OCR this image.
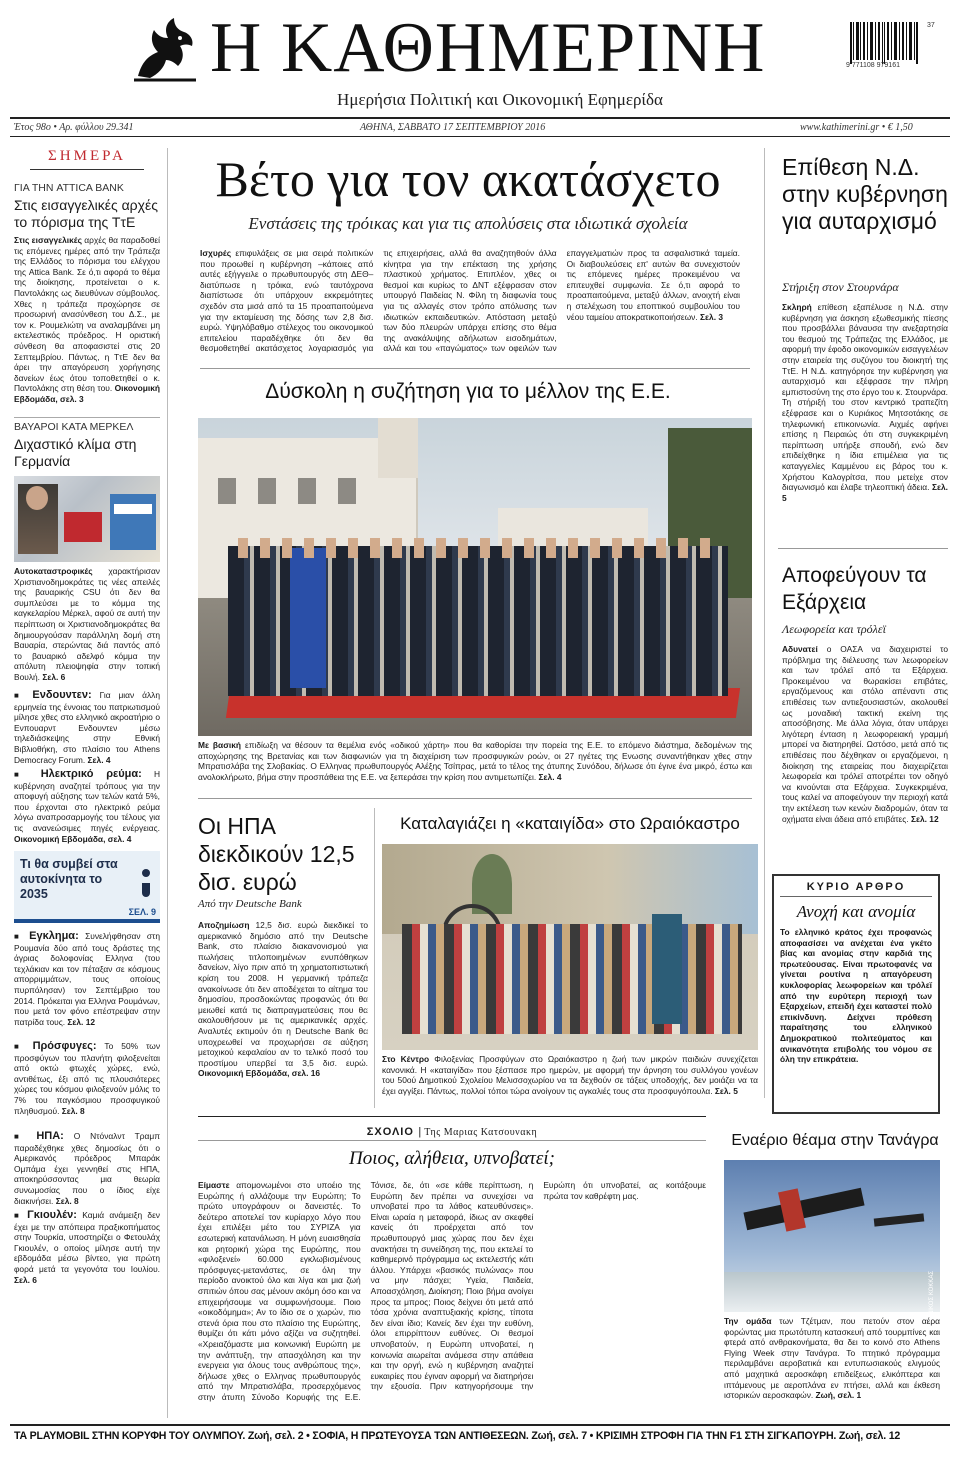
Η ΚΑΘΗΜΕΡΙΝΗ
Ημερήσια Πολιτική και Οικονομική Εφημερίδα
9 771108 979161
37
Έτος 98ο • Αρ. φύλλου 29.341	ΑΘΗΝΑ, ΣΑΒΒΑΤΟ 17 ΣΕΠΤΕΜΒΡΙΟΥ 2016	www.kathimerini.gr • € 1,50
ΣΗΜΕΡΑ
ΓΙΑ ΤΗΝ ATTICA BANK
Στις εισαγγελικές αρχές το πόρισμα της ΤτΕ
Στις εισαγγελικές αρχές θα παραδοθεί τις επόμενες ημέρες από την Τράπεζα της Ελλάδος το πόρισμα του ελέγχου της Attica Bank. Σε ό,τι αφορά το θέμα της διοίκησης, προτείνεται ο κ. Παντολάκης ως διευθύνων σύμβουλος. Χθες η τράπεζα προχώρησε σε προσωρινή ανασύνθεση του Δ.Σ., με τον κ. Ρουμελιώτη να αναλαμβάνει μη εκτελεστικός πρόεδρος. Η οριστική σύνθεση θα αποφασιστεί στις 20 Σεπτεμβρίου. Πάντως, η ΤτΕ δεν θα άρει την απαγόρευση χορήγησης δανείων έως ότου τοποθετηθεί ο κ. Παντολάκης στη θέση του. Οικονομική Εβδομάδα, σελ. 3
ΒΑΥΑΡΟΙ ΚΑΤΑ ΜΕΡΚΕΛ
Διχαστικό κλίμα στη Γερμανία
Αυτοκαταστροφικές χαρακτήρισαν Χριστιανοδημοκράτες τις νέες απειλές της βαυαρικής CSU ότι δεν θα συμπλεύσει με το κόμμα της καγκελαρίου Μέρκελ, αφού σε αυτή την περίπτωση οι Χριστιανοδημοκράτες θα δημιουργούσαν παράλληλη δομή στη Βαυαρία, στερώντας διά παντός από το βαυαρικό αδελφό κόμμα την απόλυτη πλειοψηφία στην τοπική Βουλή. Σελ. 6
■ Ενδουντεν: Για μιαν άλλη ερμηνεία της έννοιας του πατριωτισμού μίλησε χθες στο ελληνικό ακροατήριο ο Ενπουαρντ Ενδουντεν μέσω τηλεδιάσκεψης στην Εθνική Βιβλιοθήκη, στο πλαίσιο του Athens Democracy Forum. Σελ. 4
■ Ηλεκτρικό ρεύμα: Η κυβέρνηση αναζητεί τρόπους για την αποφυγή αύξησης των τελών κατά 5%, που έρχονται στο ηλεκτρικό ρεύμα λόγω αναπροσαρμογής του τέλους για τις ανανεώσιμες πηγές ενέργειας. Οικονομική Εβδομάδα, σελ. 4
Τι θα συμβεί στα αυτοκίνητα το 2035
ΣΕΛ. 9
■ Εγκλημα: Συνελήφθησαν στη Ρουμανία δύο από τους δράστες της άγριας δολοφονίας Ελληνα (του τεχλάκιαν και τον πέταξαν σε κόσμους απορριμμάτων, τους οποίους πυρπόλησαν) τον Σεπτέμβριο του 2014. Πρόκειται για Ελληνα Ρουμάνων, που μετά τον φόνο επέστρεψαν στην πατρίδα τους. Σελ. 12
■ Πρόσφυγες: Το 50% των προσφύγων του πλανήτη φιλοξενείται από οκτώ φτωχές χώρες, ενώ, αντιθέτως, έξι από τις πλουσιότερες χώρες του κόσμου φιλοξενούν μόλις το 7% του παγκόσμιου προσφυγικού πληθυσμού. Σελ. 8
■ ΗΠΑ: Ο Ντόναλντ Τραμπ παραδέχθηκε χθες δημοσίως ότι ο Αμερικανός πρόεδρος Μπαράκ Ομπάμα έχει γεννηθεί στις ΗΠΑ, αποκηρύσσοντας μια θεωρία συνωμοσίας που ο ίδιος είχε διακινήσει. Σελ. 8
■ Γκιουλέν: Καμιά ανάμειξη δεν έχει με την απόπειρα πραξικοπήματος στην Τουρκία, υποστηρίζει ο Φετουλάχ Γκιουλέν, ο οποίος μίλησε αυτή την εβδομάδα μέσω βίντεο, για πρώτη φορά μετά τα γεγονότα του Ιουλίου. Σελ. 6
Βέτο για τον ακατάσχετο
Ενστάσεις της τρόικας και για τις απολύσεις στα ιδιωτικά σχολεία
Ισχυρές επιφυλάξεις σε μια σειρά πολιτικών που προωθεί η κυβέρνηση –κάποιες από αυτές εξήγγειλε ο πρωθυπουργός στη ΔΕΘ– διατύπωσε η τρόικα, ενώ ταυτόχρονα διαπίστωσε ότι υπάρχουν εκκρεμότητες σχεδόν στα μισά από τα 15 προαπαιτούμενα για την εκταμίευση της δόσης των 2,8 δισ. ευρώ. Υψηλόβαθμο στέλεχος του οικονομικού επιτελείου παραδέχθηκε ότι δεν θα θεσμοθετηθεί ακατάσχετος λογαριασμός για τις επιχειρήσεις, αλλά θα αναζητηθούν άλλα κίνητρα για την επέκταση της χρήσης πλαστικού χρήματος. Επιπλέον, χθες οι θεσμοί και κυρίως το ΔΝΤ εξέφρασαν στον υπουργό Παιδείας Ν. Φίλη τη διαφωνία τους για τις αλλαγές στον τρόπο απόλυσης των ιδιωτικών εκπαιδευτικών. Απόσταση μεταξύ των δύο πλευρών υπάρχει επίσης στο θέμα της ανακάλυψης αδήλωτων εισοδημάτων, αλλά και του «παγώματος» των οφειλών των επαγγελματιών προς τα ασφαλιστικά ταμεία. Οι διαβουλεύσεις επ' αυτών θα συνεχιστούν τις επόμενες ημέρες προκειμένου να επιτευχθεί συμφωνία. Σε ό,τι αφορά το προαπαιτούμενα, μεταξύ άλλων, ανοιχτή είναι η στελέχωση του εποπτικού συμβουλίου του νέου ταμείου αποκρατικοποιήσεων. Σελ. 3
Δύσκολη η συζήτηση για το μέλλον της Ε.Ε.
EPA / A. ANASTOS
Με βασική επιδίωξη να θέσουν τα θεμέλια ενός «οδικού χάρτη» που θα καθορίσει την πορεία της Ε.Ε. το επόμενο διάστημα, δεδομένων της αποχώρησης της Βρετανίας και των διαφωνιών για τη διαχείριση των προσφυγικών ροών, οι 27 ηγέτες της Ενωσης συναντήθηκαν χθες στην Μπρατισλάβα της Σλοβακίας. Ο Ελληνας πρωθυπουργός Αλέξης Τσίπρας, μετά το τέλος της άτυπης Συνόδου, δήλωσε ότι έγινε ένα μικρό, έστω και ανολοκλήρωτο, βήμα στην προσπάθεια της Ε.Ε. να ξεπεράσει την κρίση που αντιμετωπίζει. Σελ. 4
Οι ΗΠΑ διεκδικούν 12,5 δισ. ευρώ
Από την Deutsche Bank
Αποζημίωση 12,5 δισ. ευρώ διεκδικεί το αμερικανικό δημόσιο από την Deutsche Bank, στο πλαίσιο διακανονισμού για πωλήσεις τιτλοποιημένων ενυπόθηκων δανείων, λίγο πριν από τη χρηματοπιστωτική κρίση του 2008. Η γερμανική τράπεζα ανακοίνωσε ότι δεν αποδέχεται το αίτημα του δημοσίου, προσδοκώντας προφανώς ότι θα μειωθεί κατά τις διαπραγματεύσεις που θα ακολουθήσουν με τις αμερικανικές αρχές. Αναλυτές εκτιμούν ότι η Deutsche Bank θα υποχρεωθεί να προχωρήσει σε αύξηση μετοχικού κεφαλαίου αν το τελικό ποσό του προστίμου υπερβεί τα 3,5 δισ. ευρώ. Οικονομική Εβδομάδα, σελ. 16
Καταλαγιάζει η «καταιγίδα» στο Ωραιόκαστρο
ΑΛΕΞΑΝΔΡΟΣ ΑΒΡΑΜΙΔΗΣ
Στο Κέντρο Φιλοξενίας Προσφύγων στο Ωραιόκαστρο η ζωή των μικρών παιδιών συνεχίζεται κανονικά. Η «καταιγίδα» που ξέσπασε προ ημερών, με αφορμή την άρνηση του συλλόγου γονέων του 50ού Δημοτικού Σχολείου Μελισσοχωρίου να τα δεχθούν σε τάξεις υποδοχής, δεν μοιάζει να τα έχει αγγίξει. Πάντως, πολλοί τόποι τώρα ανοίγουν τις αγκαλιές τους στα προσφυγόπουλα. Σελ. 5
ΣΧΟΛΙΟ | Της Μαριας Κατσουνακη
Ποιος, αλήθεια, υπνοβατεί;
Είμαστε απομονωμένοι στο υποέιο της Ευρώπης ή αλλάζουμε την Ευρώπη; Το πρώτο υπογράφουν οι δανειστές. Το δεύτερο αποτελεί τον κυρίαρχο λόγο που έχει επιλέξει μέτο του ΣΥΡΙΖΑ για εσωτερική κατανάλωση. Η μόνη ευαισθησία και ρητορική χώρα της Ευρώπης, που «φιλοξενεί» 60.000 εγκλωβισμένους πρόσφυγες-μετανάστες, σε όλη την περίοδο ανοικτού όλο και λίγα και μια ζωή σπιτιών όπου σας μένουν ακόμη όσο και να επιχειρήσουμε να συμφωνήσουμε. Ποιο «οικοδόμημα»; Αν το ίδιο σε ο χωρών, πιο στενά όρια που στο πλαίσιο της Ευρώπης, θυμίζει ότι κάτι μόνο αξίζει να συζητηθεί. «Χρειαζόμαστε μια κοινωνική Ευρώπη με την ανάπτυξη, την απασχόληση και την ενεργεια για όλους τους ανθρώπους της», δήλωσε χθες ο Ελληνας πρωθυπουργός από την Μπρατισλάβα, προσερχόμενος στην άτυπη Σύνοδο Κορυφής της Ε.Ε. Τόνισε, δε, ότι «σε κάθε περίπτωση, η Ευρώπη δεν πρέπει να συνεχίσει να υπνοβατεί προ τα λάθος κατευθύνσεις». Είναι ωραία η μεταφορά, ίδιως αν σκεφθεί κανείς ότι προέρχεται από τον πρωθυπουργό μιας χώρας που δεν έχει ανακτήσει τη συνείδηση της, που εκτελεί το καθημερινό πρόγραμμα ως εκτελεστής κάτι άλλου. Υπάρχει «βασικός πυλώνας» που να μην πάσχει; Υγεία, Παιδεία, Αποασχόληση, Διοίκηση; Ποιο βήμα ανοίγει προς τα μπρος; Ποιος δείχνει ότι μετά από τόσα χρόνια αναπτυξιακής κρίσης, τίποτα δεν είναι ίδιο; Κανείς δεν έχει την ευθύνη, όλοι επιρρίπτουν ευθύνες. Οι θεσμοί υπνοβατούν, η Ευρώπη υπνοβατεί, η κοινωνία αιωρείται ανάμεσα στην απάθεια και την οργή, ενώ η κυβέρνηση αναζητεί ευκαιρίες που έγιναν αφορμή να διατηρήσει την εξουσία. Πριν κατηγορήσουμε την Ευρώπη ότι υπνοβατεί, ας κοιτάξουμε πρώτα τον καθρέφτη μας.
Επίθεση Ν.Δ. στην κυβέρνηση για αυταρχισμό
Στήριξη στον Στουρνάρα
Σκληρή επίθεση εξαπέλυσε η Ν.Δ. στην κυβέρνηση για άσκηση εξωθεσμικής πίεσης που προσβάλλει βάναυσα την ανεξαρτησία του θεσμού της Τράπεζας της Ελλάδος, με αφορμή την έφοδο οικονομικών εισαγγελέων στην εταιρεία της συζύγου του διοικητή της ΤτΕ. Η Ν.Δ. κατηγόρησε την κυβέρνηση για αυταρχισμό και εξέφρασε την πλήρη εμπιστοσύνη της στο έργο του κ. Στουρνάρα. Τη στήριξή του στον κεντρικό τραπεζίτη εξέφρασε και ο Κυριάκος Μητσοτάκης σε τηλεφωνική επικοινωνία. Αιχμές αφήνει επίσης η Πειραιώς ότι στη συγκεκριμένη περίπτωση υπήρξε σπουδή, ενώ δεν επιδείχθηκε η ίδια επιμέλεια για τις καταγγελίες Καμμένου εις βάρος του κ. Χρήστου Καλογρίτσα, που μετείχε στον διαγωνισμό και έλαβε τηλεοπτική άδεια. Σελ. 5
Αποφεύγουν τα Εξάρχεια
Λεωφορεία και τρόλεϊ
Αδυνατεί ο ΟΑΣΑ να διαχειριστεί το πρόβλημα της διέλευσης των λεωφορείων και των τρόλεϊ από τα Εξάρχεια. Προκειμένου να θωρακίσει επιβάτες, εργαζόμενους και στόλο απέναντι στις επιθέσεις των αντιεξουσιαστών, ακολουθεί ως μοναδική τακτική εκείνη της αποσόβησης. Με άλλα λόγια, όταν υπάρχει λιγότερη ένταση η λεωφορειακή γραμμή μπορεί να διατηρηθεί. Ωστόσο, μετά από τις επιθέσεις που δέχθηκαν οι εργαζόμενοι, η διοίκηση της εταιρείας που διαχειρίζεται λεωφορεία και τρόλεϊ αποτρέπει τον οδηγό να κινούνται στα Εξάρχεια. Συγκεκριμένα, τους καλεί να αποφεύγουν την περιοχή κατά την εκτέλεση των κενών διαδρομών, όταν τα οχήματα είναι άδεια από επιβάτες. Σελ. 12
ΚΥΡΙΟ ΑΡΘΡΟ
Ανοχή και ανομία
Το ελληνικό κράτος έχει προφανώς αποφασίσει να ανέχεται ένα γκέτο βίας και ανομίας στην καρδιά της πρωτεύουσας. Είναι πρωτοφανές να γίνεται ρουτίνα η απαγόρευση κυκλοφορίας λεωφορείων και τρόλεϊ από την ευρύτερη περιοχή των Εξαρχείων, επειδή έχει καταστεί πολύ επικίνδυνη. Δείχνει πρόθεση παραίτησης του ελληνικού Δημοκρατικού πολιτεύματος και ανικανότητα επιβολής του νόμου σε όλη την επικράτεια.
Εναέριο θέαμα στην Τανάγρα
ΝΙΚΟΣ ΚΟΚΚΑΣ
Την ομάδα των Τζέτμαν, που πετούν στον αέρα φορώντας μια πρωτότυπη κατασκευή από τουρμπίνες και φτερά από ανθρακονήματα, θα δει το κοινό στο Athens Flying Week στην Τανάγρα. Το πτητικό πρόγραμμα περιλαμβάνει αεροβατικά και εντυπωσιακούς ελιγμούς από μαχητικά αεροσκάφη επιδείξεως, ελικόπτερα και ιπτάμενους με αεροπλάνα εν πτήσει, αλλά και έκθεση ιστορικών αεροσκαφών. Ζωή, σελ. 1
ΤΑ PLAYMOBIL ΣΤΗΝ ΚΟΡΥΦΗ ΤΟΥ ΟΛΥΜΠΟΥ. Ζωή, σελ. 2 • ΣΟΦΙΑ, Η ΠΡΩΤΕΥΟΥΣΑ ΤΩΝ ΑΝΤΙΘΕΣΕΩΝ. Ζωή, σελ. 7 • ΚΡΙΣΙΜΗ ΣΤΡΟΦΗ ΓΙΑ ΤΗΝ F1 ΣΤΗ ΣΙΓΚΑΠΟΥΡΗ. Ζωή, σελ. 12
